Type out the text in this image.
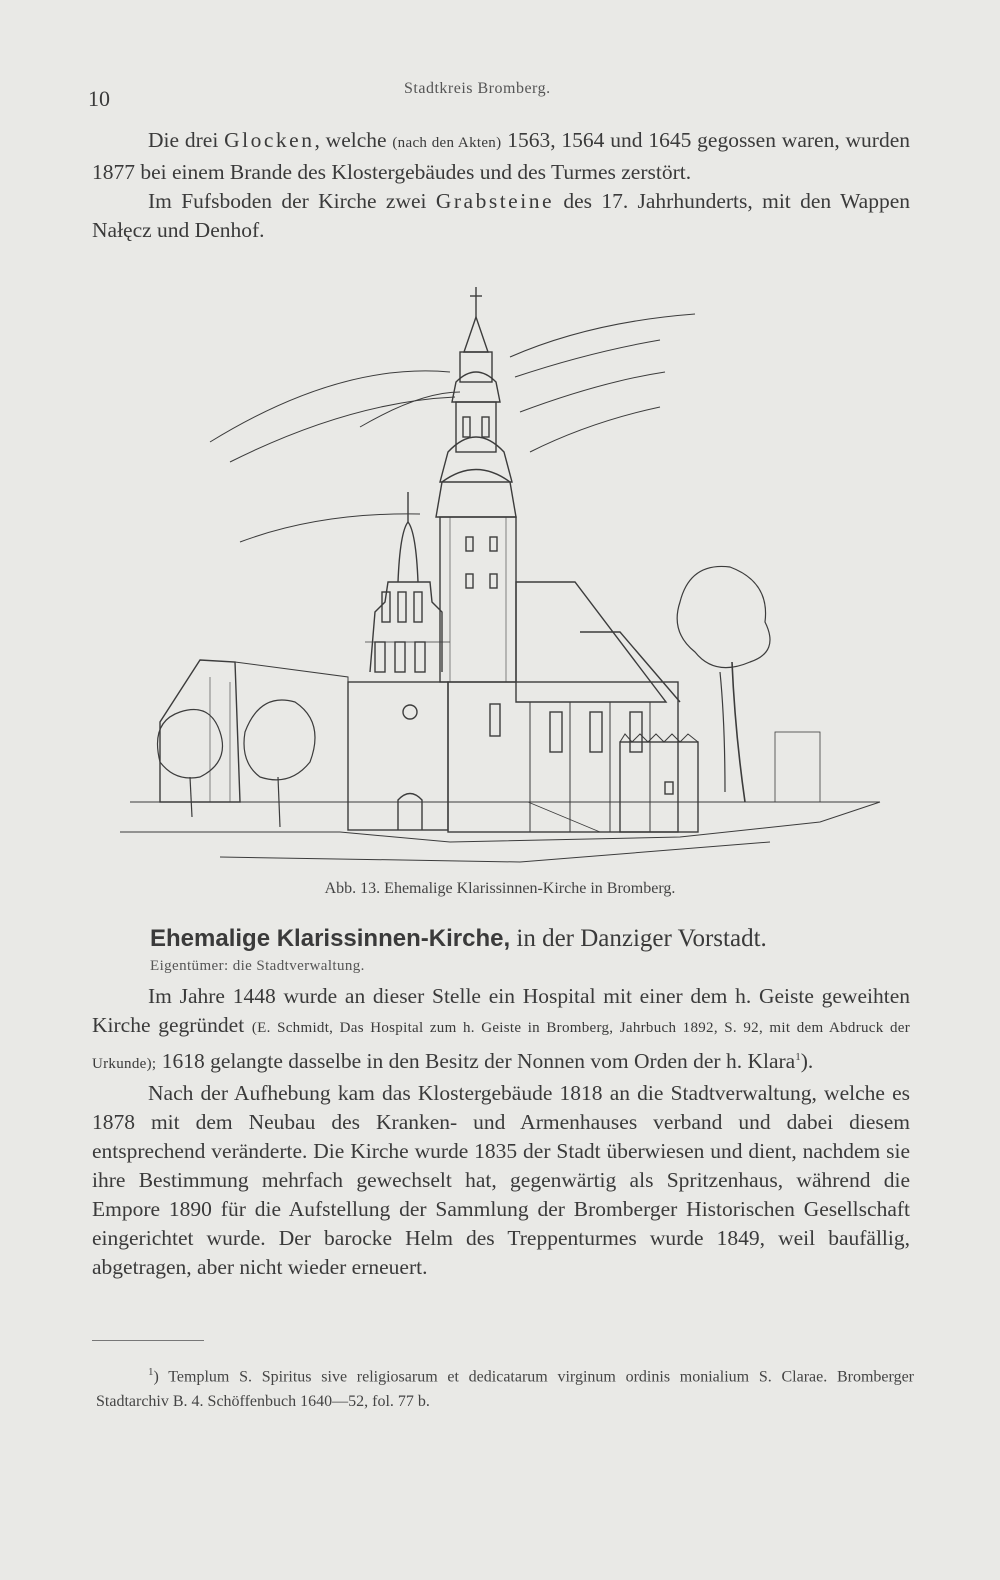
10	Stadtkreis Bromberg.

Die drei Glocken, welche (nach den Akten) 1563, 1564 und 1645 gegossen waren, wurden 1877 bei einem Brande des Klostergebäudes und des Turmes zerstört.

Im Fufsboden der Kirche zwei Grabsteine des 17. Jahrhunderts, mit den Wappen Nałęcz und Denhof.

Abb. 13. Ehemalige Klarissinnen-Kirche in Bromberg.
Ehemalige Klarissinnen-Kirche, in der Danziger Vorstadt.
Eigentümer: die Stadtverwaltung.

Im Jahre 1448 wurde an dieser Stelle ein Hospital mit einer dem h. Geiste geweihten Kirche gegründet (E. Schmidt, Das Hospital zum h. Geiste in Bromberg, Jahrbuch 1892, S. 92, mit dem Abdruck der Urkunde); 1618 gelangte dasselbe in den Besitz der Nonnen vom Orden der h. Klara$^1$).

Nach der Aufhebung kam das Klostergebäude 1818 an die Stadtverwaltung, welche es 1878 mit dem Neubau des Kranken- und Armenhauses verband und dabei diesem entsprechend veränderte. Die Kirche wurde 1835 der Stadt überwiesen und dient, nachdem sie ihre Bestimmung mehrfach gewechselt hat, gegenwärtig als Spritzenhaus, während die Empore 1890 für die Aufstellung der Sammlung der Bromberger Historischen Gesellschaft eingerichtet wurde. Der barocke Helm des Treppenturmes wurde 1849, weil baufällig, abgetragen, aber nicht wieder erneuert.

$^1$) Templum S. Spiritus sive religiosarum et dedicatarum virginum ordinis monialium S. Clarae. Bromberger Stadtarchiv B. 4. Schöffenbuch 1640—52, fol. 77 b.
